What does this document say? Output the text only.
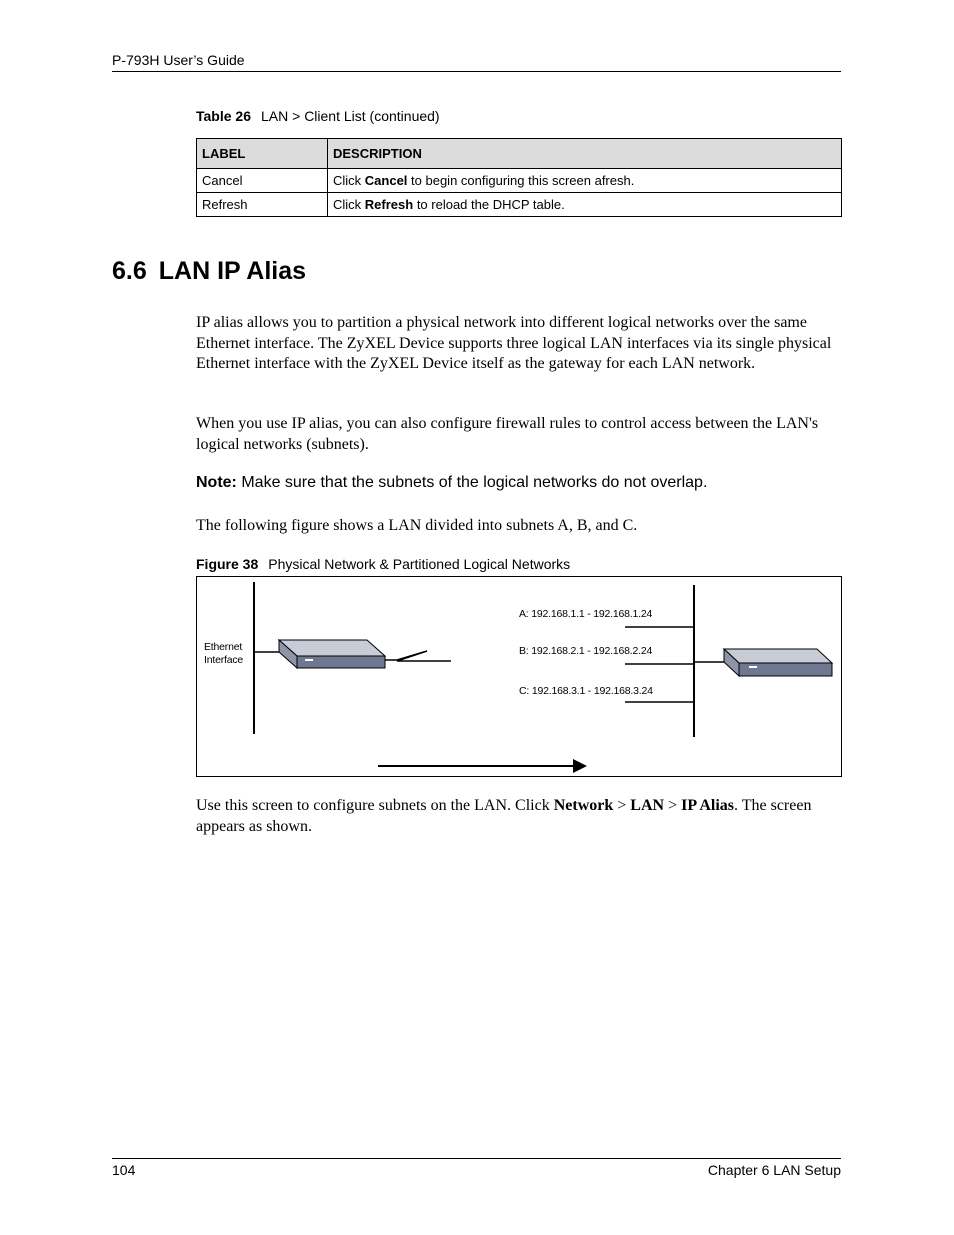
P-793H User’s Guide
Table 26 LAN > Client List (continued)
LABEL	DESCRIPTION
Cancel	Click Cancel to begin configuring this screen afresh.
Refresh	Click Refresh to reload the DHCP table.
6.6 LAN IP Alias
IP alias allows you to partition a physical network into different logical networks over the same Ethernet interface. The ZyXEL Device supports three logical LAN interfaces via its single physical Ethernet interface with the ZyXEL Device itself as the gateway for each LAN network.
When you use IP alias, you can also configure firewall rules to control access between the LAN's logical networks (subnets).
Note: Make sure that the subnets of the logical networks do not overlap.
The following figure shows a LAN divided into subnets A, B, and C.
Figure 38 Physical Network & Partitioned Logical Networks
Ethernet
Interface
A: 192.168.1.1 - 192.168.1.24
B: 192.168.2.1 - 192.168.2.24
C: 192.168.3.1 - 192.168.3.24
Use this screen to configure subnets on the LAN. Click Network > LAN > IP Alias. The screen appears as shown.
104	Chapter 6 LAN Setup
